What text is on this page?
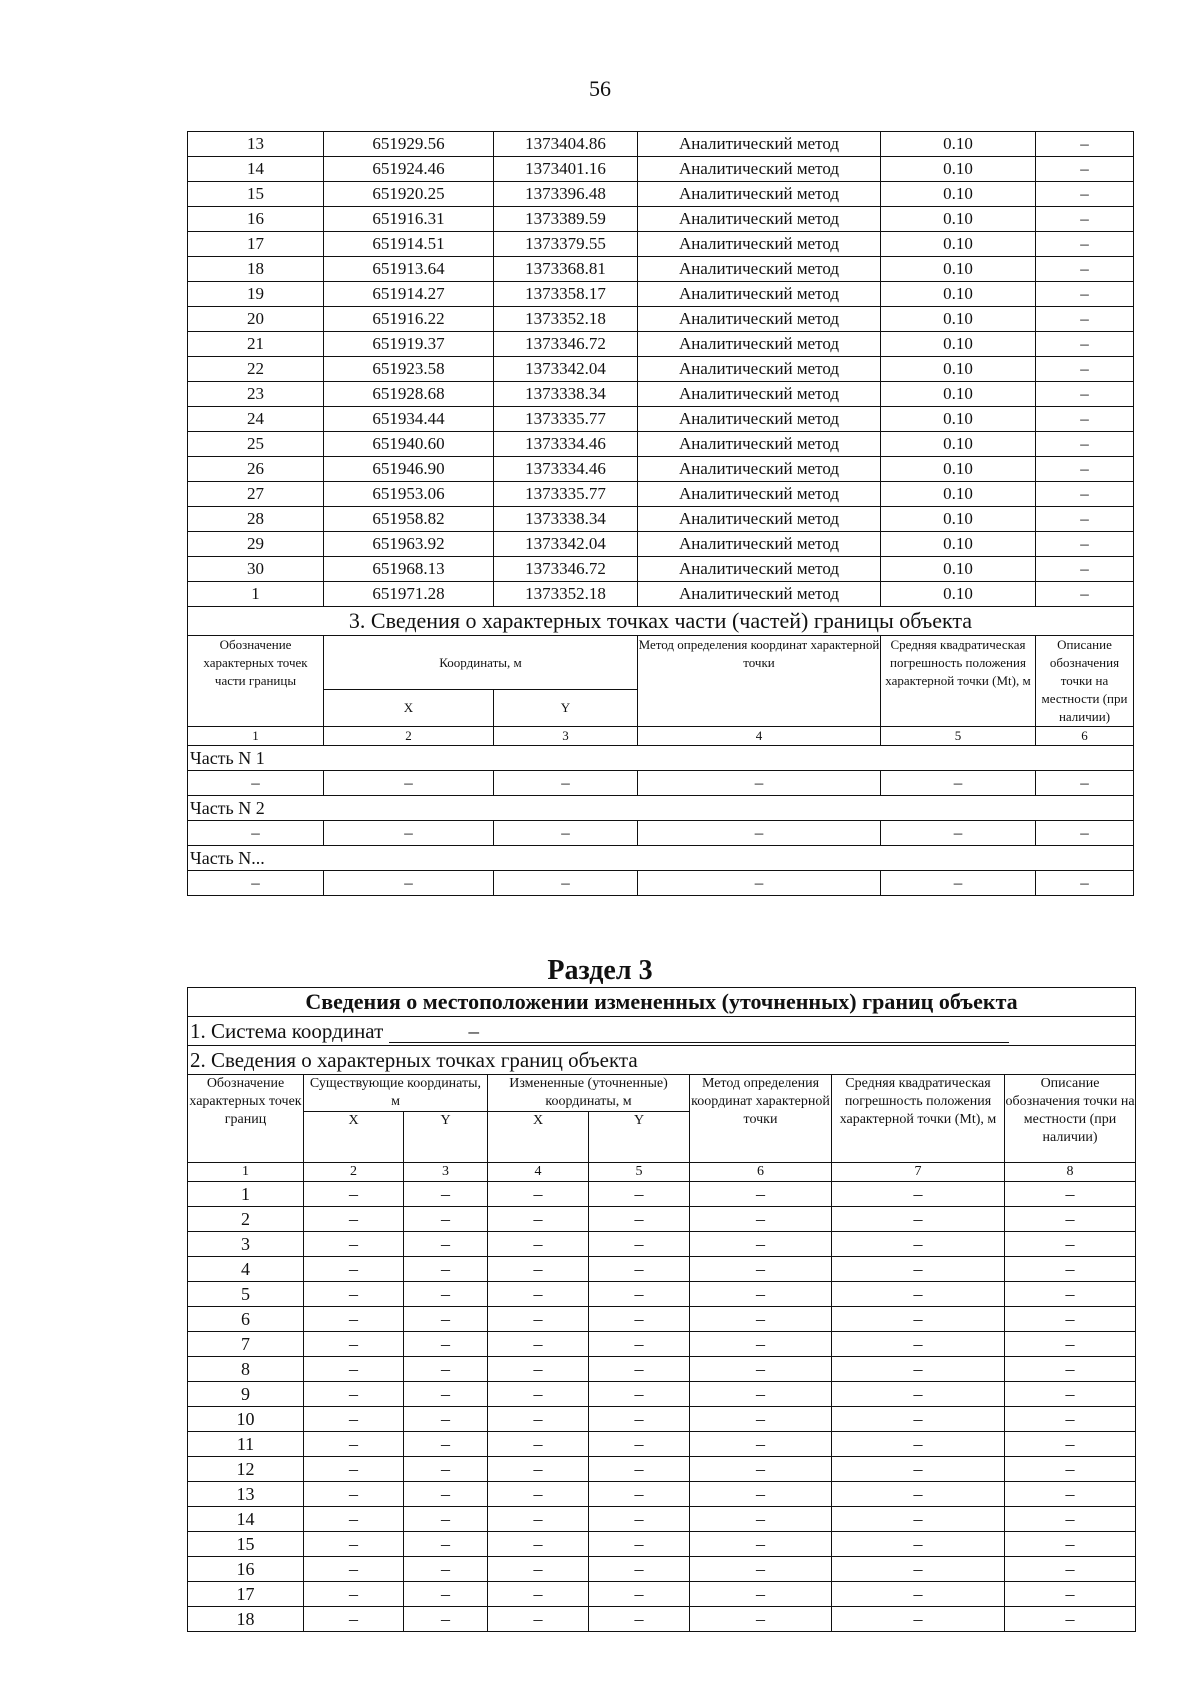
56
13	651929.56	1373404.86	Аналитический метод	0.10	–
14	651924.46	1373401.16	Аналитический метод	0.10	–
15	651920.25	1373396.48	Аналитический метод	0.10	–
16	651916.31	1373389.59	Аналитический метод	0.10	–
17	651914.51	1373379.55	Аналитический метод	0.10	–
18	651913.64	1373368.81	Аналитический метод	0.10	–
19	651914.27	1373358.17	Аналитический метод	0.10	–
20	651916.22	1373352.18	Аналитический метод	0.10	–
21	651919.37	1373346.72	Аналитический метод	0.10	–
22	651923.58	1373342.04	Аналитический метод	0.10	–
23	651928.68	1373338.34	Аналитический метод	0.10	–
24	651934.44	1373335.77	Аналитический метод	0.10	–
25	651940.60	1373334.46	Аналитический метод	0.10	–
26	651946.90	1373334.46	Аналитический метод	0.10	–
27	651953.06	1373335.77	Аналитический метод	0.10	–
28	651958.82	1373338.34	Аналитический метод	0.10	–
29	651963.92	1373342.04	Аналитический метод	0.10	–
30	651968.13	1373346.72	Аналитический метод	0.10	–
1	651971.28	1373352.18	Аналитический метод	0.10	–
3. Сведения о характерных точках части (частей) границы объекта					
Обозначение характерных точек части границы	Координаты, м		Метод определения координат характерной точки	Средняя квадратическая погрешность положения характерной точки (Mt), м	Описание обозначения точки на местности (при наличии)
	X	Y			
1	2	3	4	5	6
Часть N 1					
–	–	–	–	–	–
Часть N 2					
–	–	–	–	–	–
Часть N...					
–	–	–	–	–	–
Раздел 3
Сведения о местоположении измененных (уточненных) границ объекта							
1. Система координат –							
2. Сведения о характерных точках границ объекта							
Обозначение характерных точек границ	Существующие координаты, м		Измененные (уточненные) координаты, м		Метод определения координат характерной точки	Средняя квадратическая погрешность положения характерной точки (Mt), м	Описание обозначения точки на местности (при наличии)
	X	Y	X	Y			
1	2	3	4	5	6	7	8
1	–	–	–	–	–	–	–
2	–	–	–	–	–	–	–
3	–	–	–	–	–	–	–
4	–	–	–	–	–	–	–
5	–	–	–	–	–	–	–
6	–	–	–	–	–	–	–
7	–	–	–	–	–	–	–
8	–	–	–	–	–	–	–
9	–	–	–	–	–	–	–
10	–	–	–	–	–	–	–
11	–	–	–	–	–	–	–
12	–	–	–	–	–	–	–
13	–	–	–	–	–	–	–
14	–	–	–	–	–	–	–
15	–	–	–	–	–	–	–
16	–	–	–	–	–	–	–
17	–	–	–	–	–	–	–
18	–	–	–	–	–	–	–
